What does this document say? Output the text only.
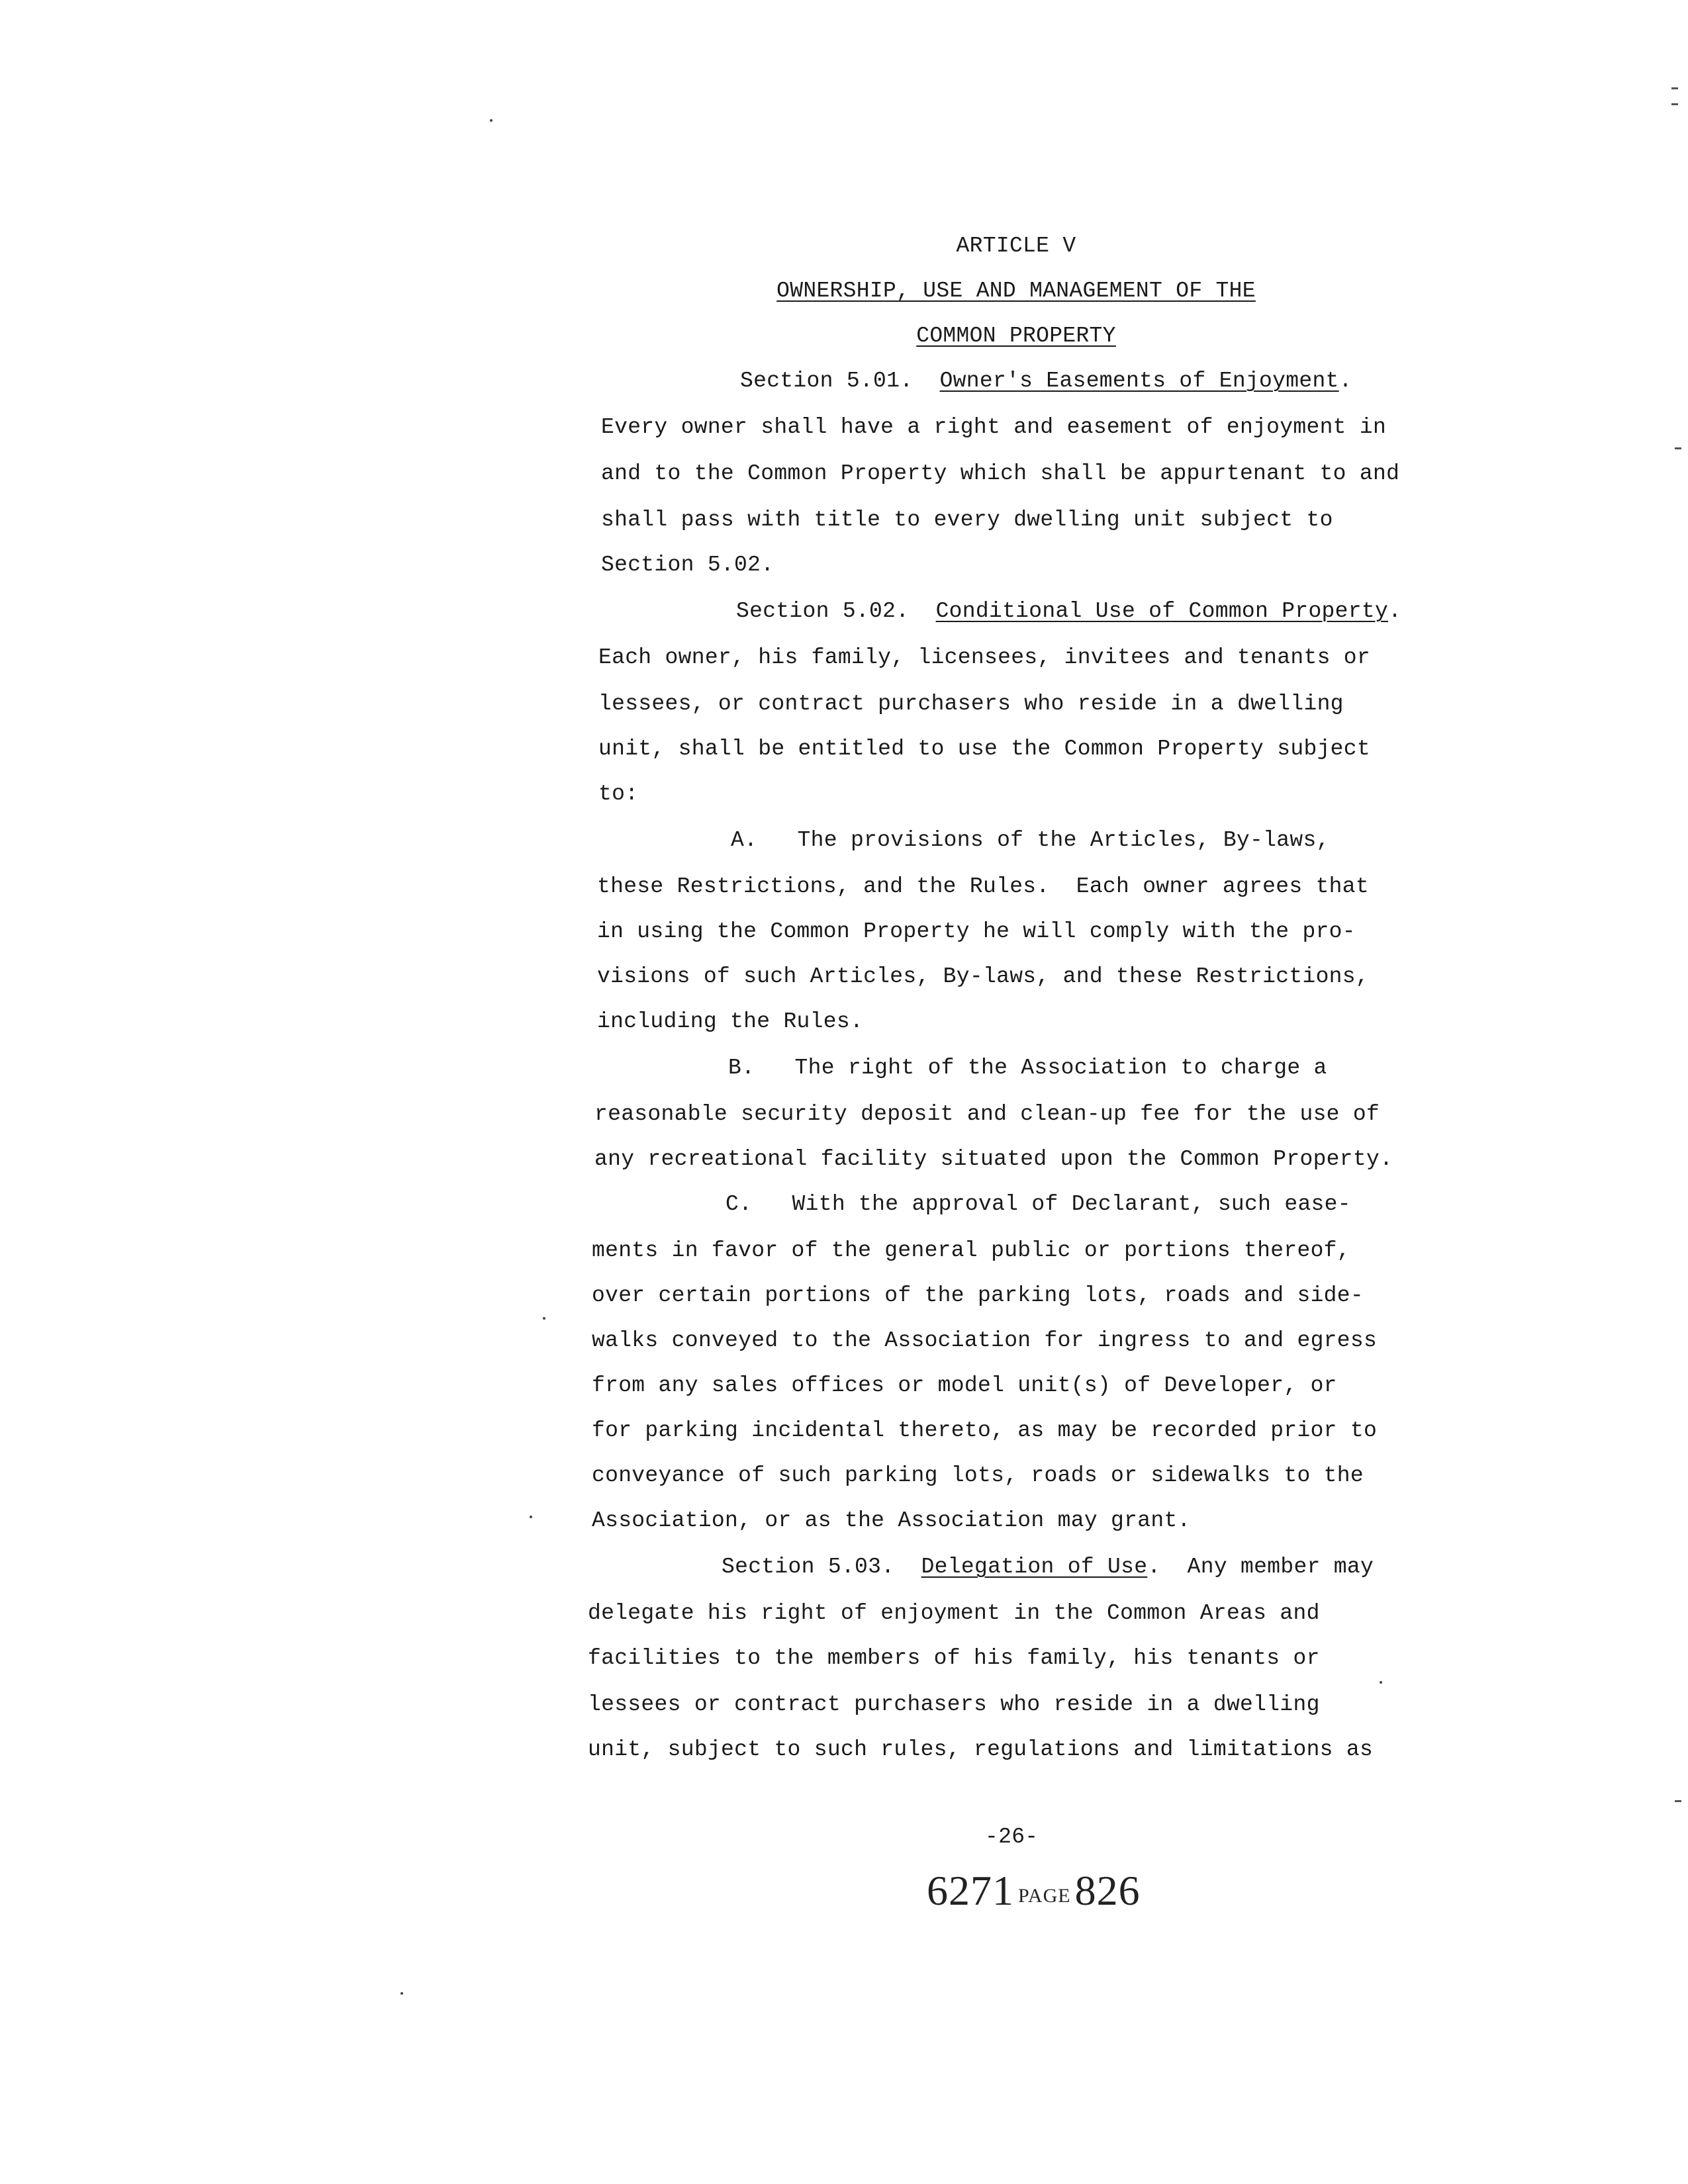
ARTICLE V
OWNERSHIP, USE AND MANAGEMENT OF THE
COMMON PROPERTY
Section 5.01. Owner's Easements of Enjoyment.
Every owner shall have a right and easement of enjoyment in
and to the Common Property which shall be appurtenant to and
shall pass with title to every dwelling unit subject to
Section 5.02.
Section 5.02. Conditional Use of Common Property.
Each owner, his family, licensees, invitees and tenants or
lessees, or contract purchasers who reside in a dwelling
unit, shall be entitled to use the Common Property subject
to:
A. The provisions of the Articles, By-laws,
these Restrictions, and the Rules.  Each owner agrees that
in using the Common Property he will comply with the pro-
visions of such Articles, By-laws, and these Restrictions,
including the Rules.
B. The right of the Association to charge a
reasonable security deposit and clean-up fee for the use of
any recreational facility situated upon the Common Property.
C. With the approval of Declarant, such ease-
ments in favor of the general public or portions thereof,
over certain portions of the parking lots, roads and side-
walks conveyed to the Association for ingress to and egress
from any sales offices or model unit(s) of Developer, or
for parking incidental thereto, as may be recorded prior to
conveyance of such parking lots, roads or sidewalks to the
Association, or as the Association may grant.
Section 5.03. Delegation of Use.  Any member may
delegate his right of enjoyment in the Common Areas and
facilities to the members of his family, his tenants or
lessees or contract purchasers who reside in a dwelling
unit, subject to such rules, regulations and limitations as
-26-
6271 PAGE826
